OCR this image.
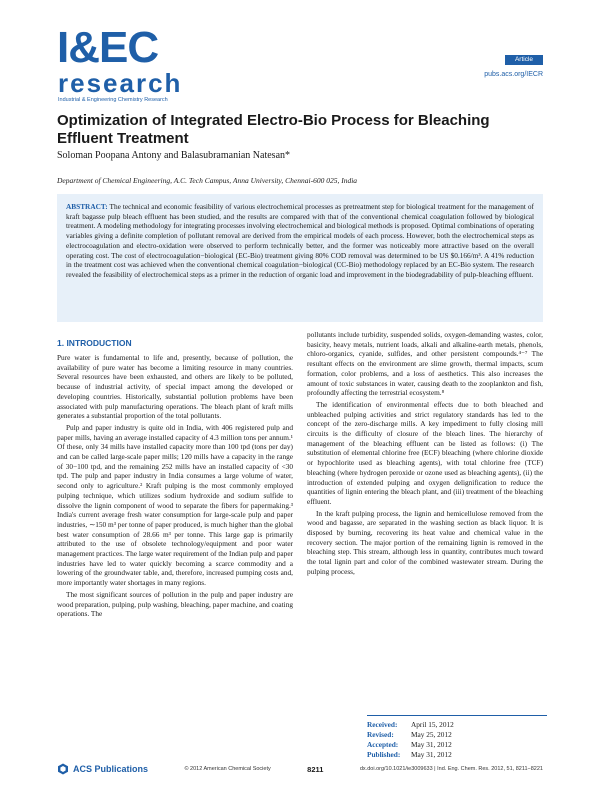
I&EC
research
Industrial & Engineering Chemistry Research
Article
pubs.acs.org/IECR
Optimization of Integrated Electro-Bio Process for Bleaching Effluent Treatment
Soloman Poopana Antony and Balasubramanian Natesan*
Department of Chemical Engineering, A.C. Tech Campus, Anna University, Chennai-600 025, India

ABSTRACT: The technical and economic feasibility of various electrochemical processes as pretreatment step for biological treatment for the management of kraft bagasse pulp bleach effluent has been studied, and the results are compared with that of the conventional chemical coagulation followed by biological treatment. A modeling methodology for integrating processes involving electrochemical and biological methods is proposed. Optimal combinations of operating variables giving a definite completion of pollutant removal are derived from the empirical models of each process. However, both the electrochemical steps as electrocoagulation and electro-oxidation were observed to perform technically better, and the former was noticeably more attractive based on the overall operating cost. The cost of electrocoagulation−biological (EC-Bio) treatment giving 80% COD removal was determined to be US $0.166/m³. A 41% reduction in the treatment cost was achieved when the conventional chemical coagulation−biological (CC-Bio) methodology replaced by an EC-Bio system. The research revealed the feasibility of electrochemical steps as a primer in the reduction of organic load and improvement in the biodegradability of pulp-bleaching effluent.

1. INTRODUCTION

Pure water is fundamental to life and, presently, because of pollution, the availability of pure water has become a limiting resource in many countries. Several resources have been exhausted, and others are likely to be polluted, because of industrial activity, of special impact among the developed or developing countries. Historically, substantial pollution problems have been associated with pulp manufacturing operations. The bleach plant of kraft mills generates a substantial proportion of the total pollutants.

Pulp and paper industry is quite old in India, with 406 registered pulp and paper mills, having an average installed capacity of 4.3 million tons per annum.¹ Of these, only 34 mills have installed capacity more than 100 tpd (tons per day) and can be called large-scale paper mills; 120 mills have a capacity in the range of 30−100 tpd, and the remaining 252 mills have an installed capacity of <30 tpd. The pulp and paper industry in India consumes a large volume of water, second only to agriculture.² Kraft pulping is the most commonly employed pulping technique, which utilizes sodium hydroxide and sodium sulfide to dissolve the lignin component of wood to separate the fibers for papermaking.³ India's current average fresh water consumption for large-scale pulp and paper industries, ∼150 m³ per tonne of paper produced, is much higher than the global best water consumption of 28.66 m³ per tonne. This large gap is primarily attributed to the use of obsolete technology/equipment and poor water management practices. The large water requirement of the Indian pulp and paper industries have led to water quickly becoming a scarce commodity and a lowering of the groundwater table, and, therefore, increased pumping costs and, more importantly water shortages in many regions.

The most significant sources of pollution in the pulp and paper industry are wood preparation, pulping, pulp washing, bleaching, paper machine, and coating operations. The

pollutants include turbidity, suspended solids, oxygen-demanding wastes, color, basicity, heavy metals, nutrient loads, alkali and alkaline-earth metals, phenols, chloro-organics, cyanide, sulfides, and other persistent compounds.⁴⁻⁷ The resultant effects on the environment are slime growth, thermal impacts, scum formation, color problems, and a loss of aesthetics. This also increases the amount of toxic substances in water, causing death to the zooplankton and fish, profoundly affecting the terrestrial ecosystem.⁸

The identification of environmental effects due to both bleached and unbleached pulping activities and strict regulatory standards has led to the concept of the zero-discharge mills. A key impediment to fully closing mill circuits is the difficulty of closure of the bleach lines. The hierarchy of management of the bleaching effluent can be listed as follows: (i) The substitution of elemental chlorine free (ECF) bleaching (where chlorine dioxide or hypochlorite used as bleaching agents), with total chlorine free (TCF) bleaching (where hydrogen peroxide or ozone used as bleaching agents), (ii) the introduction of extended pulping and oxygen delignification to reduce the quantities of lignin entering the bleach plant, and (iii) treatment of the bleaching effluent.

In the kraft pulping process, the lignin and hemicellulose removed from the wood and bagasse, are separated in the washing section as black liquor. It is disposed by burning, recovering its heat value and chemical value in the recovery section. The major portion of the remaining lignin is removed in the bleaching step. This stream, although less in quantity, contributes much toward the total lignin part and color of the combined wastewater stream. During the pulping process,

Received:	April 15, 2012
Revised:	May 25, 2012
Accepted:	May 31, 2012
Published:	May 31, 2012
ACS Publications	© 2012 American Chemical Society	8211	dx.doi.org/10.1021/ie3009633 | Ind. Eng. Chem. Res. 2012, 51, 8211−8221
